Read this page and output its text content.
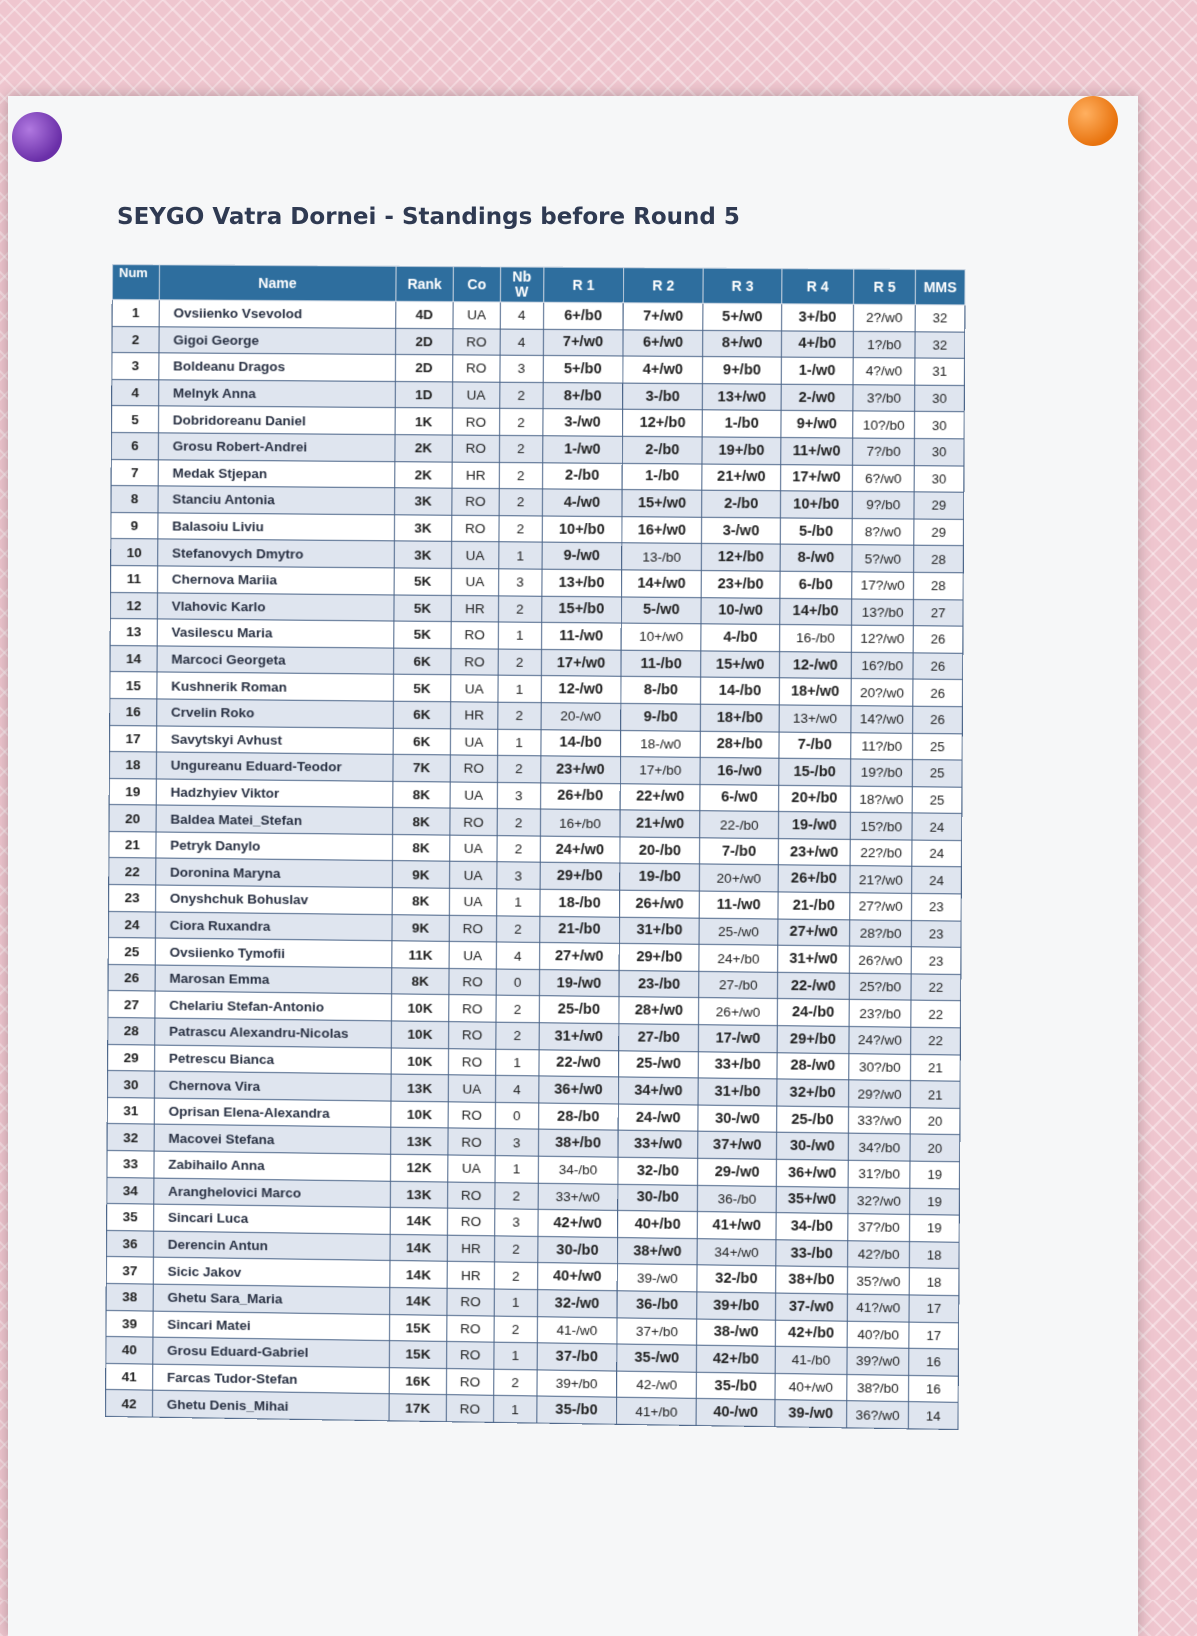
SEYGO Vatra Dornei - Standings before Round 5
Num	Name	Rank	Co	Nb
W	R 1	R 2	R 3	R 4	R 5	MMS
1	Ovsiienko Vsevolod	4D	UA	4	6+/b0	7+/w0	5+/w0	3+/b0	2?/w0	32
2	Gigoi George	2D	RO	4	7+/w0	6+/w0	8+/w0	4+/b0	1?/b0	32
3	Boldeanu Dragos	2D	RO	3	5+/b0	4+/w0	9+/b0	1-/w0	4?/w0	31
4	Melnyk Anna	1D	UA	2	8+/b0	3-/b0	13+/w0	2-/w0	3?/b0	30
5	Dobridoreanu Daniel	1K	RO	2	3-/w0	12+/b0	1-/b0	9+/w0	10?/b0	30
6	Grosu Robert-Andrei	2K	RO	2	1-/w0	2-/b0	19+/b0	11+/w0	7?/b0	30
7	Medak Stjepan	2K	HR	2	2-/b0	1-/b0	21+/w0	17+/w0	6?/w0	30
8	Stanciu Antonia	3K	RO	2	4-/w0	15+/w0	2-/b0	10+/b0	9?/b0	29
9	Balasoiu Liviu	3K	RO	2	10+/b0	16+/w0	3-/w0	5-/b0	8?/w0	29
10	Stefanovych Dmytro	3K	UA	1	9-/w0	13-/b0	12+/b0	8-/w0	5?/w0	28
11	Chernova Mariia	5K	UA	3	13+/b0	14+/w0	23+/b0	6-/b0	17?/w0	28
12	Vlahovic Karlo	5K	HR	2	15+/b0	5-/w0	10-/w0	14+/b0	13?/b0	27
13	Vasilescu Maria	5K	RO	1	11-/w0	10+/w0	4-/b0	16-/b0	12?/w0	26
14	Marcoci Georgeta	6K	RO	2	17+/w0	11-/b0	15+/w0	12-/w0	16?/b0	26
15	Kushnerik Roman	5K	UA	1	12-/w0	8-/b0	14-/b0	18+/w0	20?/w0	26
16	Crvelin Roko	6K	HR	2	20-/w0	9-/b0	18+/b0	13+/w0	14?/w0	26
17	Savytskyi Avhust	6K	UA	1	14-/b0	18-/w0	28+/b0	7-/b0	11?/b0	25
18	Ungureanu Eduard-Teodor	7K	RO	2	23+/w0	17+/b0	16-/w0	15-/b0	19?/b0	25
19	Hadzhyiev Viktor	8K	UA	3	26+/b0	22+/w0	6-/w0	20+/b0	18?/w0	25
20	Baldea Matei_Stefan	8K	RO	2	16+/b0	21+/w0	22-/b0	19-/w0	15?/b0	24
21	Petryk Danylo	8K	UA	2	24+/w0	20-/b0	7-/b0	23+/w0	22?/b0	24
22	Doronina Maryna	9K	UA	3	29+/b0	19-/b0	20+/w0	26+/b0	21?/w0	24
23	Onyshchuk Bohuslav	8K	UA	1	18-/b0	26+/w0	11-/w0	21-/b0	27?/w0	23
24	Ciora Ruxandra	9K	RO	2	21-/b0	31+/b0	25-/w0	27+/w0	28?/b0	23
25	Ovsiienko Tymofii	11K	UA	4	27+/w0	29+/b0	24+/b0	31+/w0	26?/w0	23
26	Marosan Emma	8K	RO	0	19-/w0	23-/b0	27-/b0	22-/w0	25?/b0	22
27	Chelariu Stefan-Antonio	10K	RO	2	25-/b0	28+/w0	26+/w0	24-/b0	23?/b0	22
28	Patrascu Alexandru-Nicolas	10K	RO	2	31+/w0	27-/b0	17-/w0	29+/b0	24?/w0	22
29	Petrescu Bianca	10K	RO	1	22-/w0	25-/w0	33+/b0	28-/w0	30?/b0	21
30	Chernova Vira	13K	UA	4	36+/w0	34+/w0	31+/b0	32+/b0	29?/w0	21
31	Oprisan Elena-Alexandra	10K	RO	0	28-/b0	24-/w0	30-/w0	25-/b0	33?/w0	20
32	Macovei Stefana	13K	RO	3	38+/b0	33+/w0	37+/w0	30-/w0	34?/b0	20
33	Zabihailo Anna	12K	UA	1	34-/b0	32-/b0	29-/w0	36+/w0	31?/b0	19
34	Aranghelovici Marco	13K	RO	2	33+/w0	30-/b0	36-/b0	35+/w0	32?/w0	19
35	Sincari Luca	14K	RO	3	42+/w0	40+/b0	41+/w0	34-/b0	37?/b0	19
36	Derencin Antun	14K	HR	2	30-/b0	38+/w0	34+/w0	33-/b0	42?/b0	18
37	Sicic Jakov	14K	HR	2	40+/w0	39-/w0	32-/b0	38+/b0	35?/w0	18
38	Ghetu Sara_Maria	14K	RO	1	32-/w0	36-/b0	39+/b0	37-/w0	41?/w0	17
39	Sincari Matei	15K	RO	2	41-/w0	37+/b0	38-/w0	42+/b0	40?/b0	17
40	Grosu Eduard-Gabriel	15K	RO	1	37-/b0	35-/w0	42+/b0	41-/b0	39?/w0	16
41	Farcas Tudor-Stefan	16K	RO	2	39+/b0	42-/w0	35-/b0	40+/w0	38?/b0	16
42	Ghetu Denis_Mihai	17K	RO	1	35-/b0	41+/b0	40-/w0	39-/w0	36?/w0	14
